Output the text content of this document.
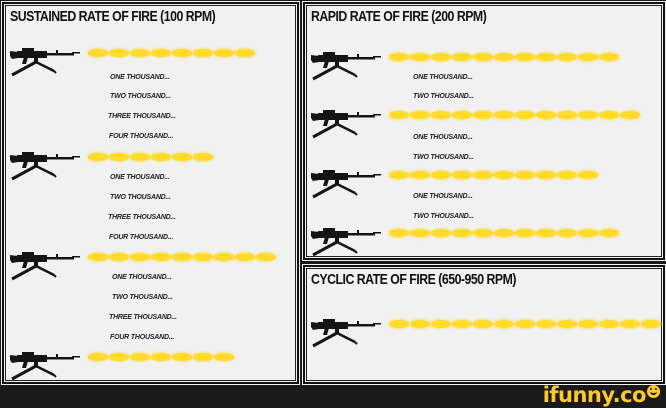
SUSTAINED RATE OF FIRE (100 RPM)
ONE THOUSAND...
TWO THOUSAND...
THREE THOUSAND...
FOUR THOUSAND...
ONE THOUSAND...
TWO THOUSAND...
THREE THOUSAND...
FOUR THOUSAND...
ONE THOUSAND...
TWO THOUSAND...
THREE THOUSAND...
FOUR THOUSAND...
RAPID RATE OF FIRE (200 RPM)
ONE THOUSAND...
TWO THOUSAND...
ONE THOUSAND...
TWO THOUSAND...
ONE THOUSAND...
TWO THOUSAND...
CYCLIC RATE OF FIRE (650-950 RPM)
ifunny.co
